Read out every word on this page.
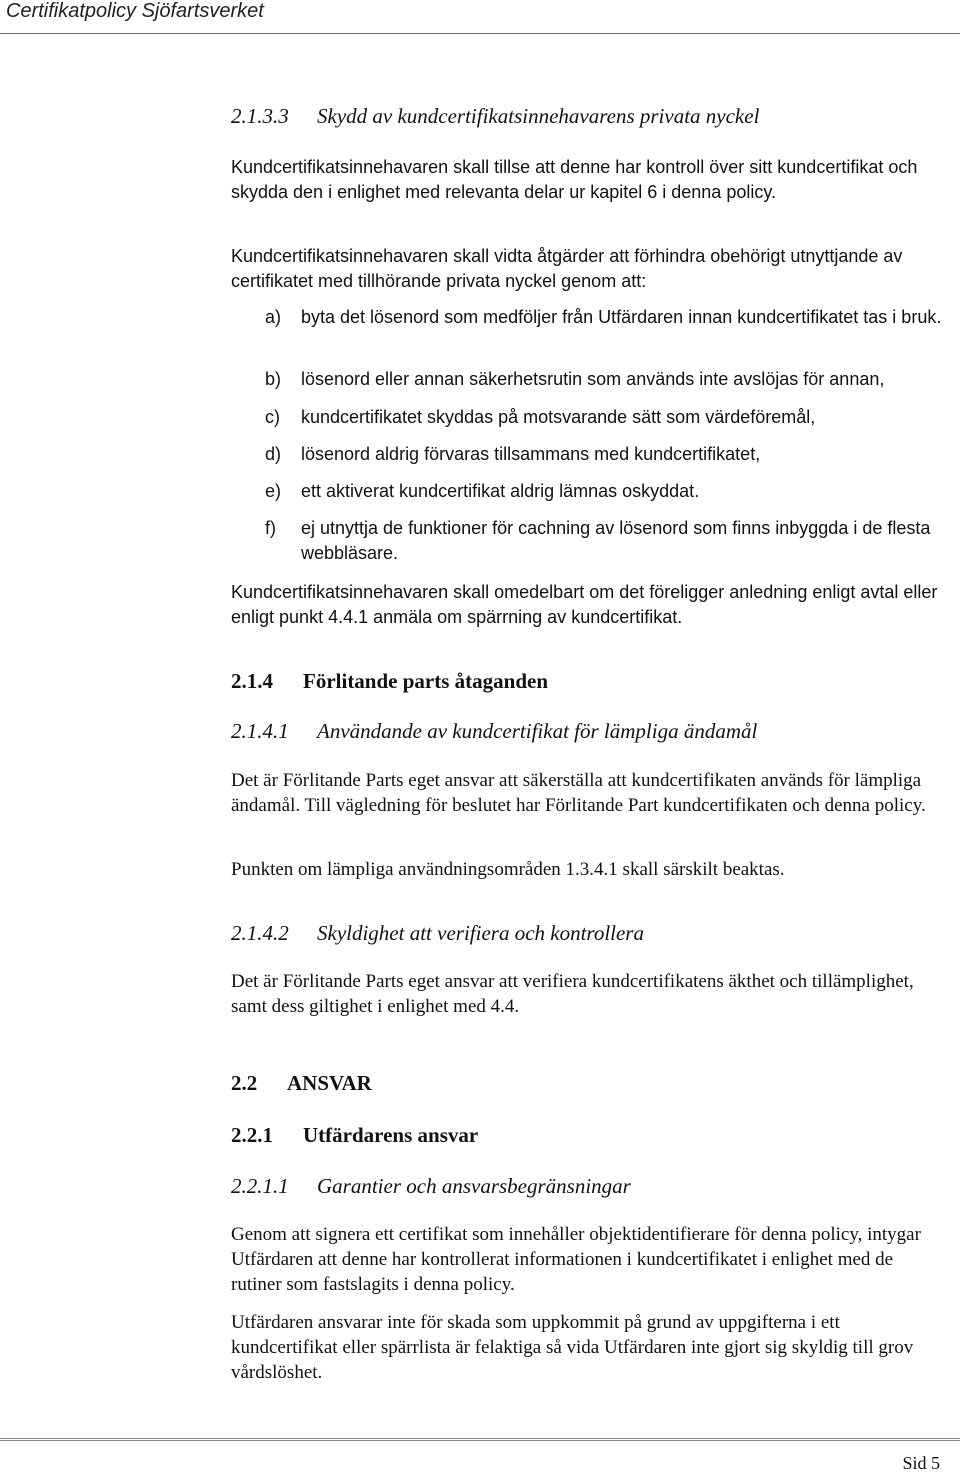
Certifikatpolicy Sjöfartsverket
2.1.3.3 Skydd av kundcertifikatsinnehavarens privata nyckel

Kundcertifikatsinnehavaren skall tillse att denne har kontroll över sitt kundcertifikat och skydda den i enlighet med relevanta delar ur kapitel 6 i denna policy.

Kundcertifikatsinnehavaren skall vidta åtgärder att förhindra obehörigt utnyttjande av certifikatet med tillhörande privata nyckel genom att:

a)	byta det lösenord som medföljer från Utfärdaren innan kundcertifikatet tas i bruk.
b)	lösenord eller annan säkerhetsrutin som används inte avslöjas för annan,
c)	kundcertifikatet skyddas på motsvarande sätt som värdeföremål,
d)	lösenord aldrig förvaras tillsammans med kundcertifikatet,
e)	ett aktiverat kundcertifikat aldrig lämnas oskyddat.
f)	ej utnyttja de funktioner för cachning av lösenord som finns inbyggda i de flesta webbläsare.

Kundcertifikatsinnehavaren skall omedelbart om det föreligger anledning enligt avtal eller enligt punkt 4.4.1 anmäla om spärrning av kundcertifikat.

2.1.4 Förlitande parts åtaganden
2.1.4.1 Användande av kundcertifikat för lämpliga ändamål

Det är Förlitande Parts eget ansvar att säkerställa att kundcertifikaten används för lämpliga ändamål. Till vägledning för beslutet har Förlitande Part kundcertifikaten och denna policy.

Punkten om lämpliga användningsområden 1.3.4.1 skall särskilt beaktas.

2.1.4.2 Skyldighet att verifiera och kontrollera

Det är Förlitande Parts eget ansvar att verifiera kundcertifikatens äkthet och tillämplighet, samt dess giltighet i enlighet med 4.4.

2.2 ANSVAR
2.2.1 Utfärdarens ansvar
2.2.1.1 Garantier och ansvarsbegränsningar

Genom att signera ett certifikat som innehåller objektidentifierare för denna policy, intygar Utfärdaren att denne har kontrollerat informationen i kundcertifikatet i enlighet med de rutiner som fastslagits i denna policy.

Utfärdaren ansvarar inte för skada som uppkommit på grund av uppgifterna i ett kundcertifikat eller spärrlista är felaktiga så vida Utfärdaren inte gjort sig skyldig till grov vårdslöshet.

Sid 5
